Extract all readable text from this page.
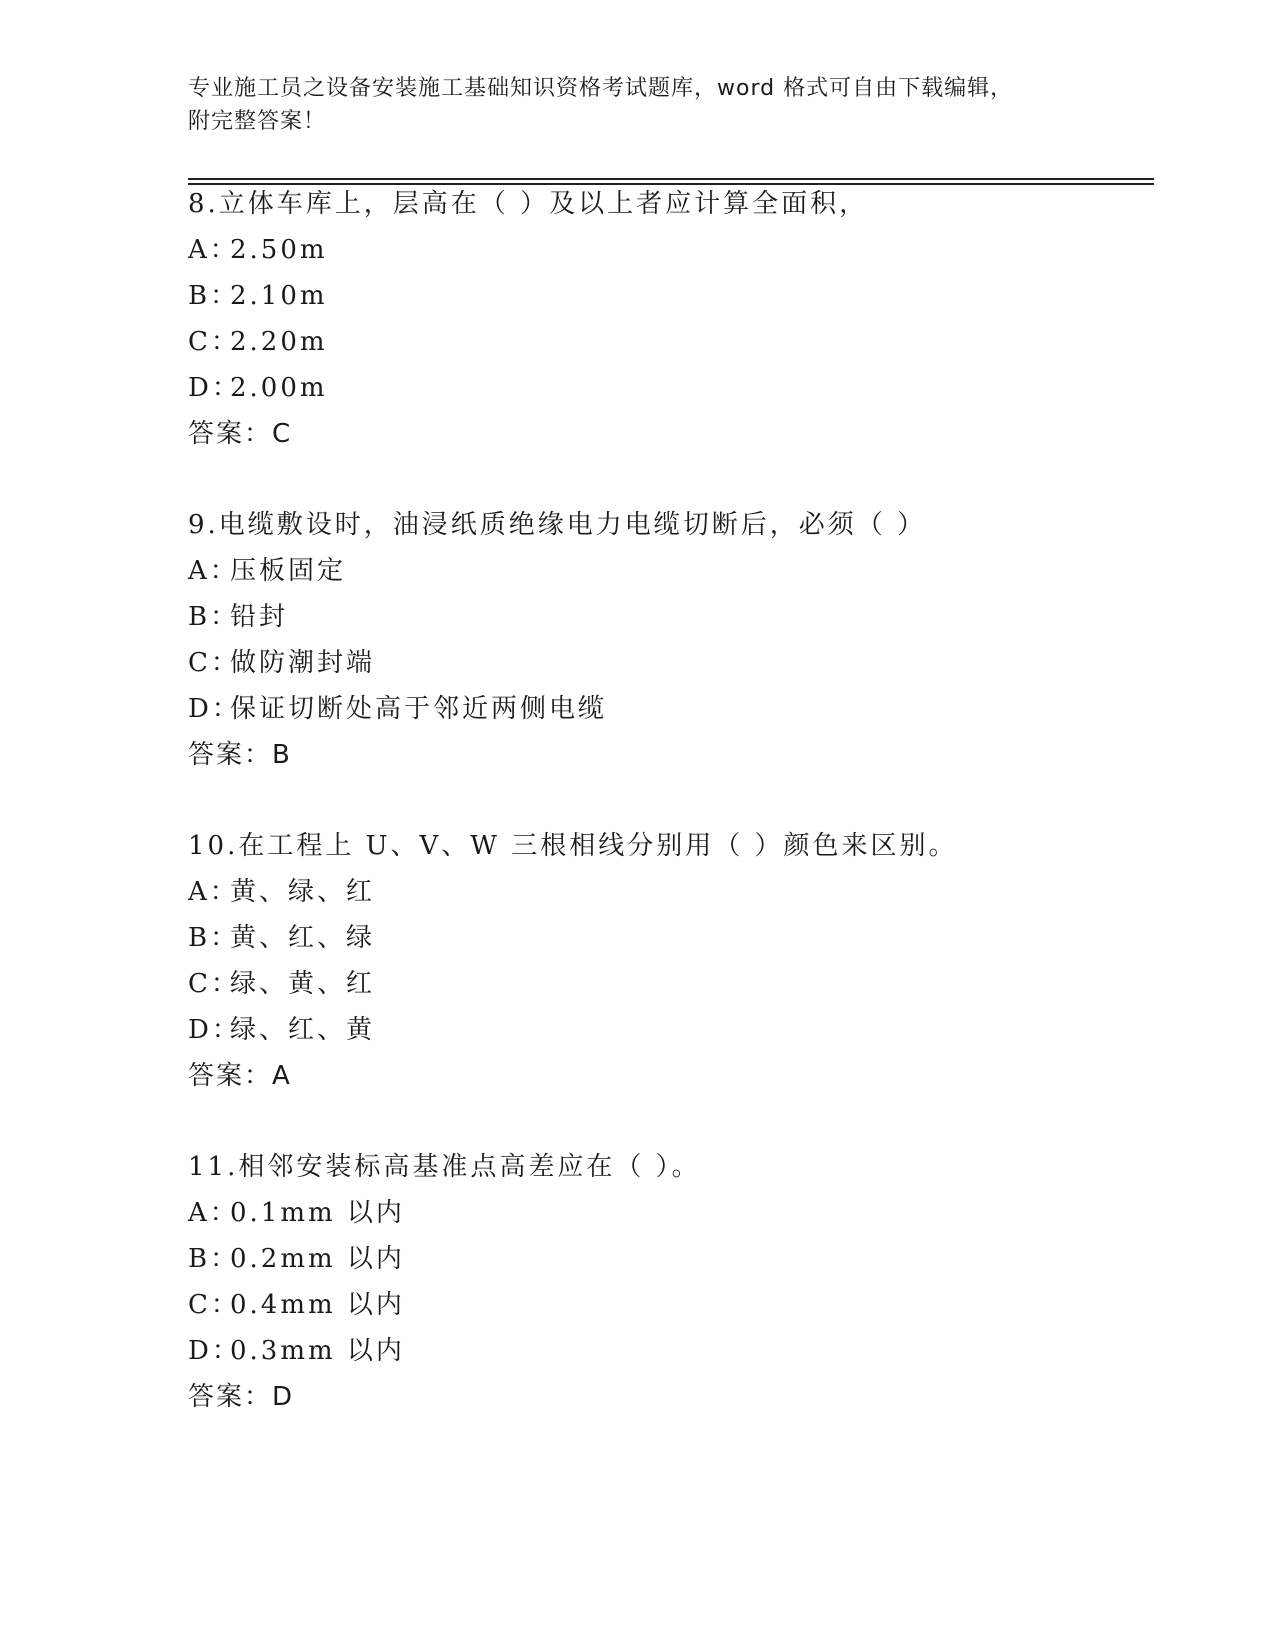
专业施工员之设备安装施工基础知识资格考试题库，word 格式可自由下载编辑，
附完整答案！
8.立体车库上，层高在（ ）及以上者应计算全面积，
A：2.50m
B：2.10m
C：2.20m
D：2.00m
答案：C
9.电缆敷设时，油浸纸质绝缘电力电缆切断后，必须（ ）
A：压板固定
B：铅封
C：做防潮封端
D：保证切断处高于邻近两侧电缆
答案：B
10.在工程上 U、V、W 三根相线分别用（ ）颜色来区别。
A：黄、绿、红
B：黄、红、绿
C：绿、黄、红
D：绿、红、黄
答案：A
11.相邻安装标高基准点高差应在（ ）。
A：0.1mm 以内
B：0.2mm 以内
C：0.4mm 以内
D：0.3mm 以内
答案：D
